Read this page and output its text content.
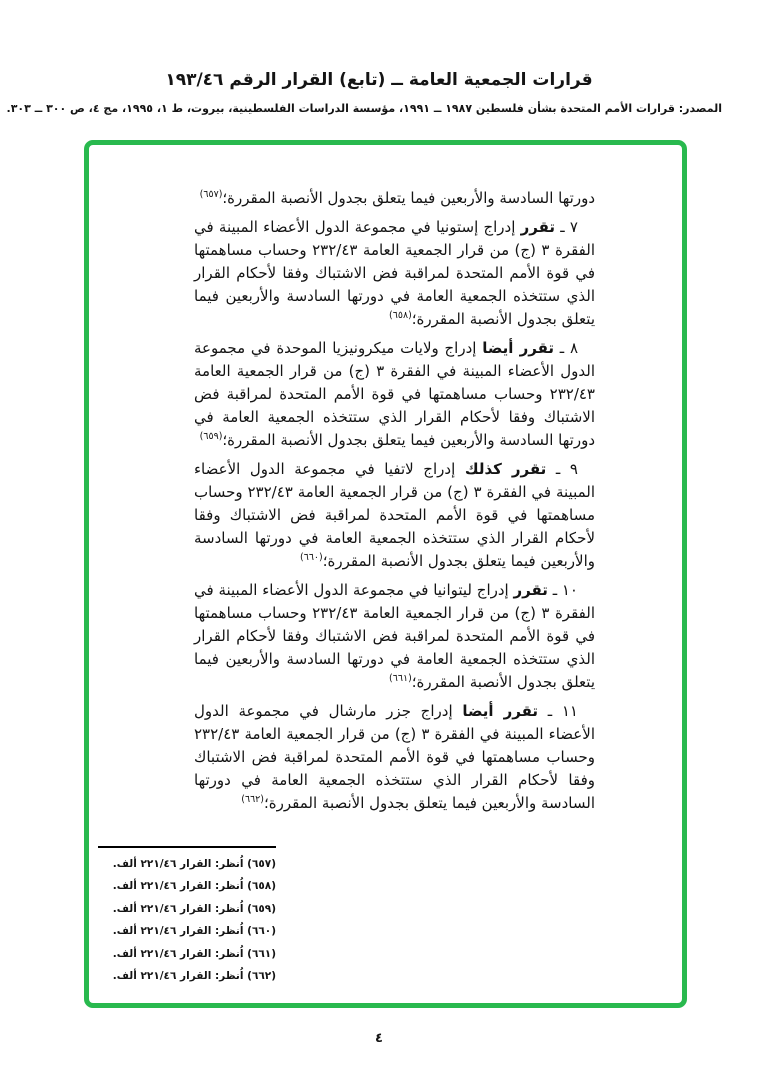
قرارات الجمعية العامة ــ (تابع) القرار الرقم ١٩٣/٤٦
المصدر: قرارات الأمم المتحدة بشأن فلسطين ١٩٨٧ ــ ١٩٩١، مؤسسة الدراسات الفلسطينية، بيروت، ط ١، ١٩٩٥، مج ٤، ص ٣٠٠ ــ ٣٠٣.

دورتها السادسة والأربعين فيما يتعلق بجدول الأنصبة المقررة؛$^{(٦٥٧)}$

٧ ـ تقرر إدراج إستونيا في مجموعة الدول الأعضاء المبينة في الفقرة ٣ (ج) من قرار الجمعية العامة ٢٣٢/٤٣ وحساب مساهمتها في قوة الأمم المتحدة لمراقبة فض الاشتباك وفقا لأحكام القرار الذي ستتخذه الجمعية العامة في دورتها السادسة والأربعين فيما يتعلق بجدول الأنصبة المقررة؛$^{(٦٥٨)}$

٨ ـ تقرر أيضا إدراج ولايات ميكرونيزيا الموحدة في مجموعة الدول الأعضاء المبينة في الفقرة ٣ (ج) من قرار الجمعية العامة ٢٣٢/٤٣ وحساب مساهمتها في قوة الأمم المتحدة لمراقبة فض الاشتباك وفقا لأحكام القرار الذي ستتخذه الجمعية العامة في دورتها السادسة والأربعين فيما يتعلق بجدول الأنصبة المقررة؛$^{(٦٥٩)}$

٩ ـ تقرر كذلك إدراج لاتفيا في مجموعة الدول الأعضاء المبينة في الفقرة ٣ (ج) من قرار الجمعية العامة ٢٣٢/٤٣ وحساب مساهمتها في قوة الأمم المتحدة لمراقبة فض الاشتباك وفقا لأحكام القرار الذي ستتخذه الجمعية العامة في دورتها السادسة والأربعين فيما يتعلق بجدول الأنصبة المقررة؛$^{(٦٦٠)}$

١٠ ـ تقرر إدراج ليتوانيا في مجموعة الدول الأعضاء المبينة في الفقرة ٣ (ج) من قرار الجمعية العامة ٢٣٢/٤٣ وحساب مساهمتها في قوة الأمم المتحدة لمراقبة فض الاشتباك وفقا لأحكام القرار الذي ستتخذه الجمعية العامة في دورتها السادسة والأربعين فيما يتعلق بجدول الأنصبة المقررة؛$^{(٦٦١)}$

١١ ـ تقرر أيضا إدراج جزر مارشال في مجموعة الدول الأعضاء المبينة في الفقرة ٣ (ج) من قرار الجمعية العامة ٢٣٢/٤٣ وحساب مساهمتها في قوة الأمم المتحدة لمراقبة فض الاشتباك وفقا لأحكام القرار الذي ستتخذه الجمعية العامة في دورتها السادسة والأربعين فيما يتعلق بجدول الأنصبة المقررة؛$^{(٦٦٢)}$

(٦٥٧) اُنظر: القرار ٢٢١/٤٦ ألف.
(٦٥٨) اُنظر: القرار ٢٢١/٤٦ ألف.
(٦٥٩) اُنظر: القرار ٢٢١/٤٦ ألف.
(٦٦٠) اُنظر: القرار ٢٢١/٤٦ ألف.
(٦٦١) اُنظر: القرار ٢٢١/٤٦ ألف.
(٦٦٢) اُنظر: القرار ٢٢١/٤٦ ألف.
٤
